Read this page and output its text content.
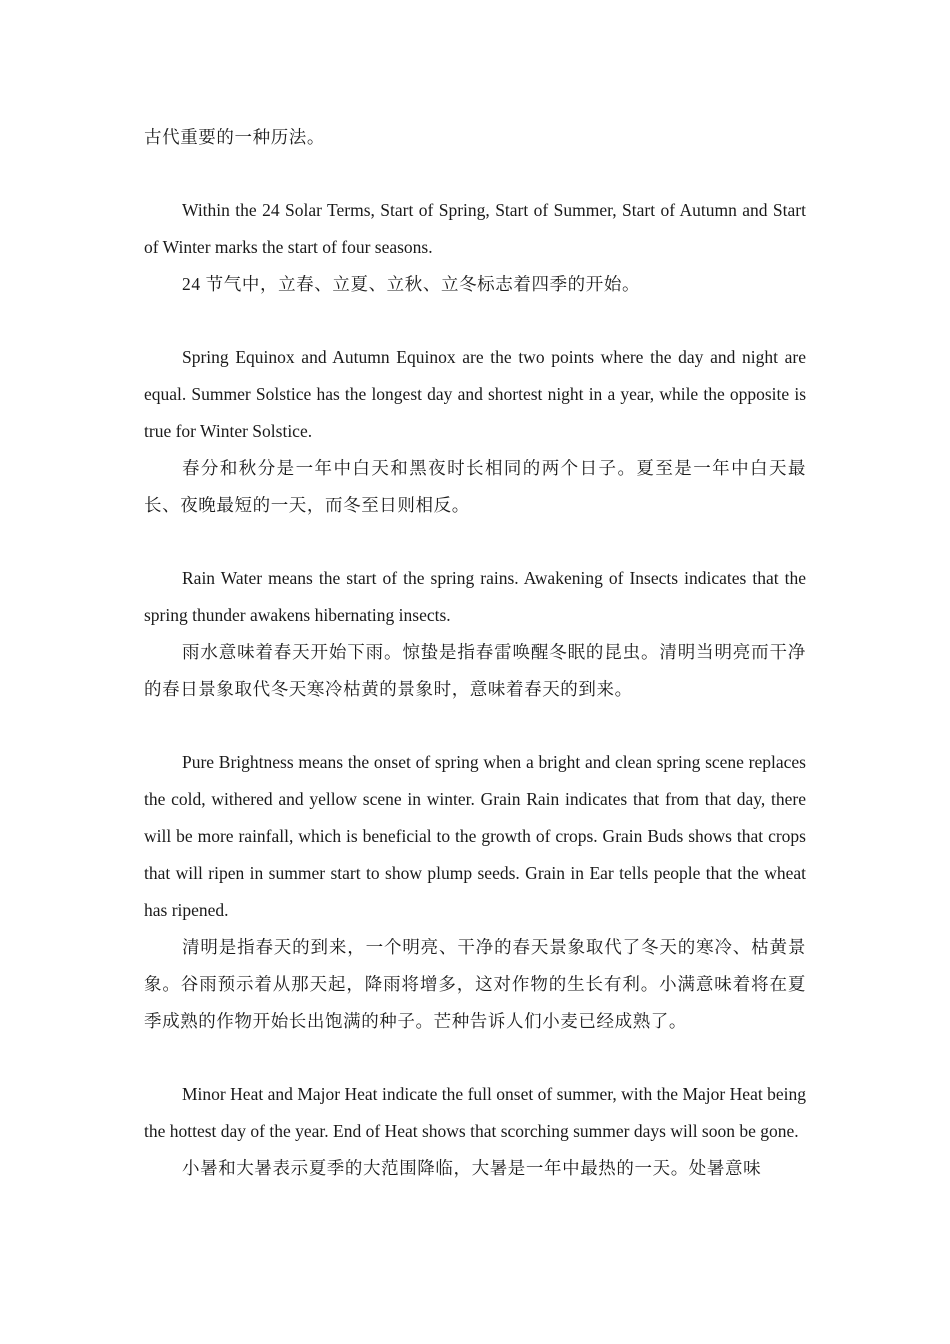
古代重要的一种历法。

Within the 24 Solar Terms, Start of Spring, Start of Summer, Start of Autumn and Start of Winter marks the start of four seasons.

24 节气中，立春、立夏、立秋、立冬标志着四季的开始。

Spring Equinox and Autumn Equinox are the two points where the day and night are equal. Summer Solstice has the longest day and shortest night in a year, while the opposite is true for Winter Solstice.

春分和秋分是一年中白天和黑夜时长相同的两个日子。夏至是一年中白天最长、夜晚最短的一天，而冬至日则相反。

Rain Water means the start of the spring rains. Awakening of Insects indicates that the spring thunder awakens hibernating insects.

雨水意味着春天开始下雨。惊蛰是指春雷唤醒冬眠的昆虫。清明当明亮而干净的春日景象取代冬天寒冷枯黄的景象时，意味着春天的到来。

Pure Brightness means the onset of spring when a bright and clean spring scene replaces the cold, withered and yellow scene in winter. Grain Rain indicates that from that day, there will be more rainfall, which is beneficial to the growth of crops. Grain Buds shows that crops that will ripen in summer start to show plump seeds. Grain in Ear tells people that the wheat has ripened.

清明是指春天的到来，一个明亮、干净的春天景象取代了冬天的寒冷、枯黄景象。谷雨预示着从那天起，降雨将增多，这对作物的生长有利。小满意味着将在夏季成熟的作物开始长出饱满的种子。芒种告诉人们小麦已经成熟了。

Minor Heat and Major Heat indicate the full onset of summer, with the Major Heat being the hottest day of the year. End of Heat shows that scorching summer days will soon be gone.

小暑和大暑表示夏季的大范围降临，大暑是一年中最热的一天。处暑意味
